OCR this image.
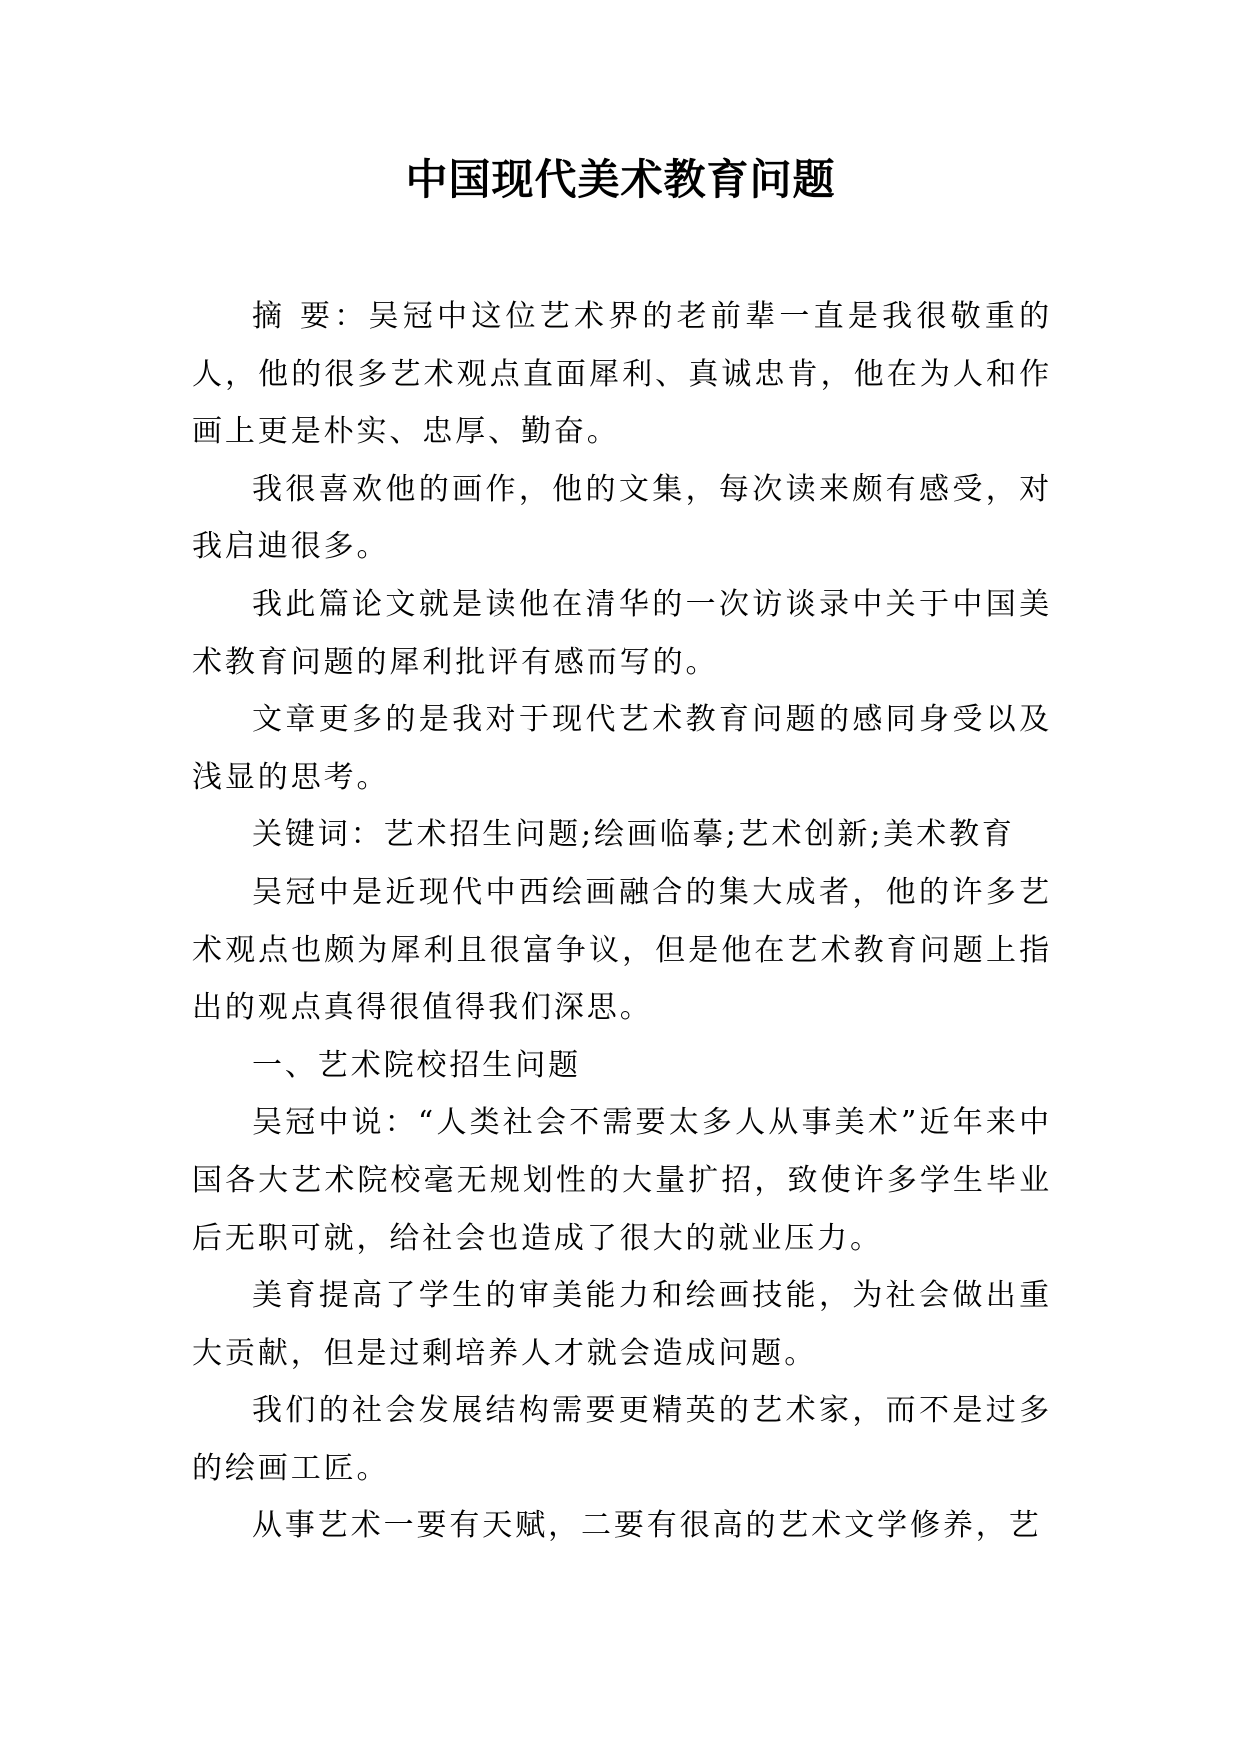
中国现代美术教育问题

摘 要：吴冠中这位艺术界的老前辈一直是我很敬重的人，他的很多艺术观点直面犀利、真诚忠肯，他在为人和作画上更是朴实、忠厚、勤奋。

我很喜欢他的画作，他的文集，每次读来颇有感受，对我启迪很多。

我此篇论文就是读他在清华的一次访谈录中关于中国美术教育问题的犀利批评有感而写的。

文章更多的是我对于现代艺术教育问题的感同身受以及浅显的思考。

关键词：艺术招生问题;绘画临摹;艺术创新;美术教育

吴冠中是近现代中西绘画融合的集大成者，他的许多艺术观点也颇为犀利且很富争议，但是他在艺术教育问题上指出的观点真得很值得我们深思。

一、艺术院校招生问题

吴冠中说：“人类社会不需要太多人从事美术”近年来中国各大艺术院校毫无规划性的大量扩招，致使许多学生毕业后无职可就，给社会也造成了很大的就业压力。

美育提高了学生的审美能力和绘画技能，为社会做出重大贡献，但是过剩培养人才就会造成问题。

我们的社会发展结构需要更精英的艺术家，而不是过多的绘画工匠。

从事艺术一要有天赋，二要有很高的艺术文学修养，艺
